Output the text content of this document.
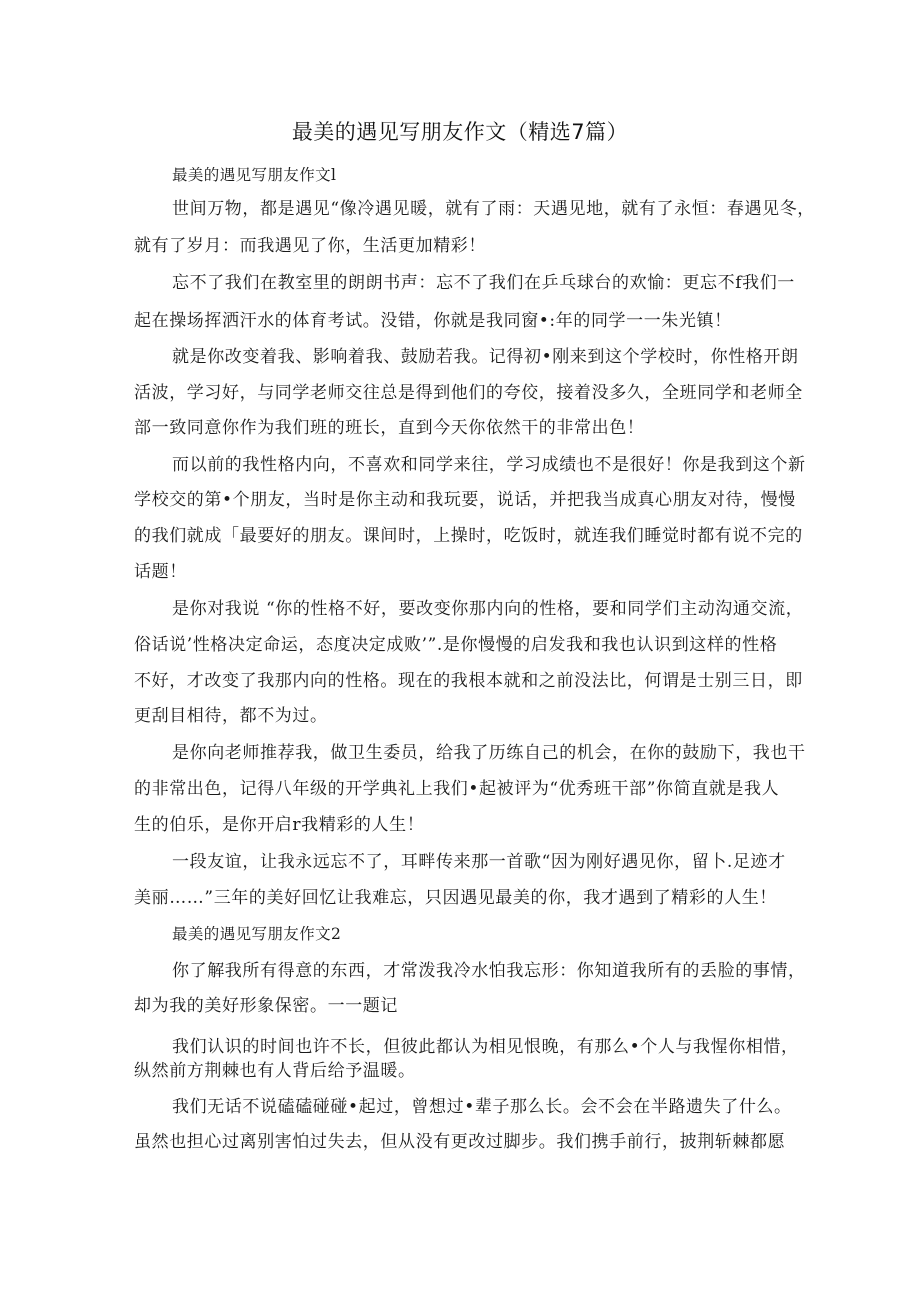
最美的遇见写朋友作文（精选7篇）
最美的遇见写朋友作文l
世间万物，都是遇见“像冷遇见暖，就有了雨：天遇见地，就有了永恒：春遇见冬，
就有了岁月：而我遇见了你，生活更加精彩！
忘不了我们在教室里的朗朗书声：忘不了我们在乒乓球台的欢愉：更忘不f我们一
起在操场挥洒汗水的体育考试。没错，你就是我同窗•:年的同学一一朱光镇！
就是你改变着我、影响着我、鼓励若我。记得初•刚来到这个学校时，你性格开朗
活波，学习好，与同学老师交往总是得到他们的夸佼，接着没多久，全班同学和老师全
部一致同意你作为我们班的班长，直到今天你依然干的非常出色！
而以前的我性格内向，不喜欢和同学来往，学习成绩也不是很好！你是我到这个新
学校交的第•个朋友，当时是你主动和我玩要，说话，并把我当成真心朋友对待，慢慢
的我们就成「最要好的朋友。课间时，上操时，吃饭时，就连我们睡觉时都有说不完的
话题！
是你对我说 “你的性格不好，要改变你那内向的性格，要和同学们主动沟通交流，
俗话说’性格决定命运，态度决定成败’”.是你慢慢的启发我和我也认识到这样的性格
不好，才改变了我那内向的性格。现在的我根本就和之前没法比，何谓是士别三日，即
更刮目相待，都不为过。
是你向老师推荐我，做卫生委员，给我了历练自己的机会，在你的鼓励下，我也干
的非常出色，记得八年级的开学典礼上我们•起被评为“优秀班干部”你简直就是我人
生的伯乐，是你开启r我精彩的人生！
一段友谊，让我永远忘不了，耳畔传来那一首歌“因为刚好遇见你，留卜.足迹才
美丽……”三年的美好回忆让我难忘，只因遇见最美的你，我才遇到了精彩的人生！
最美的遇见写朋友作文2
你了解我所有得意的东西，才常泼我冷水怕我忘形：你知道我所有的丢脸的事情，
却为我的美好形象保密。一一题记
我们认识的时间也许不长，但彼此都认为相见恨晚，有那么•个人与我惺你相惜，
纵然前方荆棘也有人背后给予温暖。
我们无话不说磕磕碰碰•起过，曾想过•辈子那么长。会不会在半路遗失了什么。
虽然也担心过离别害怕过失去，但从没有更改过脚步。我们携手前行，披荆斩棘都愿
